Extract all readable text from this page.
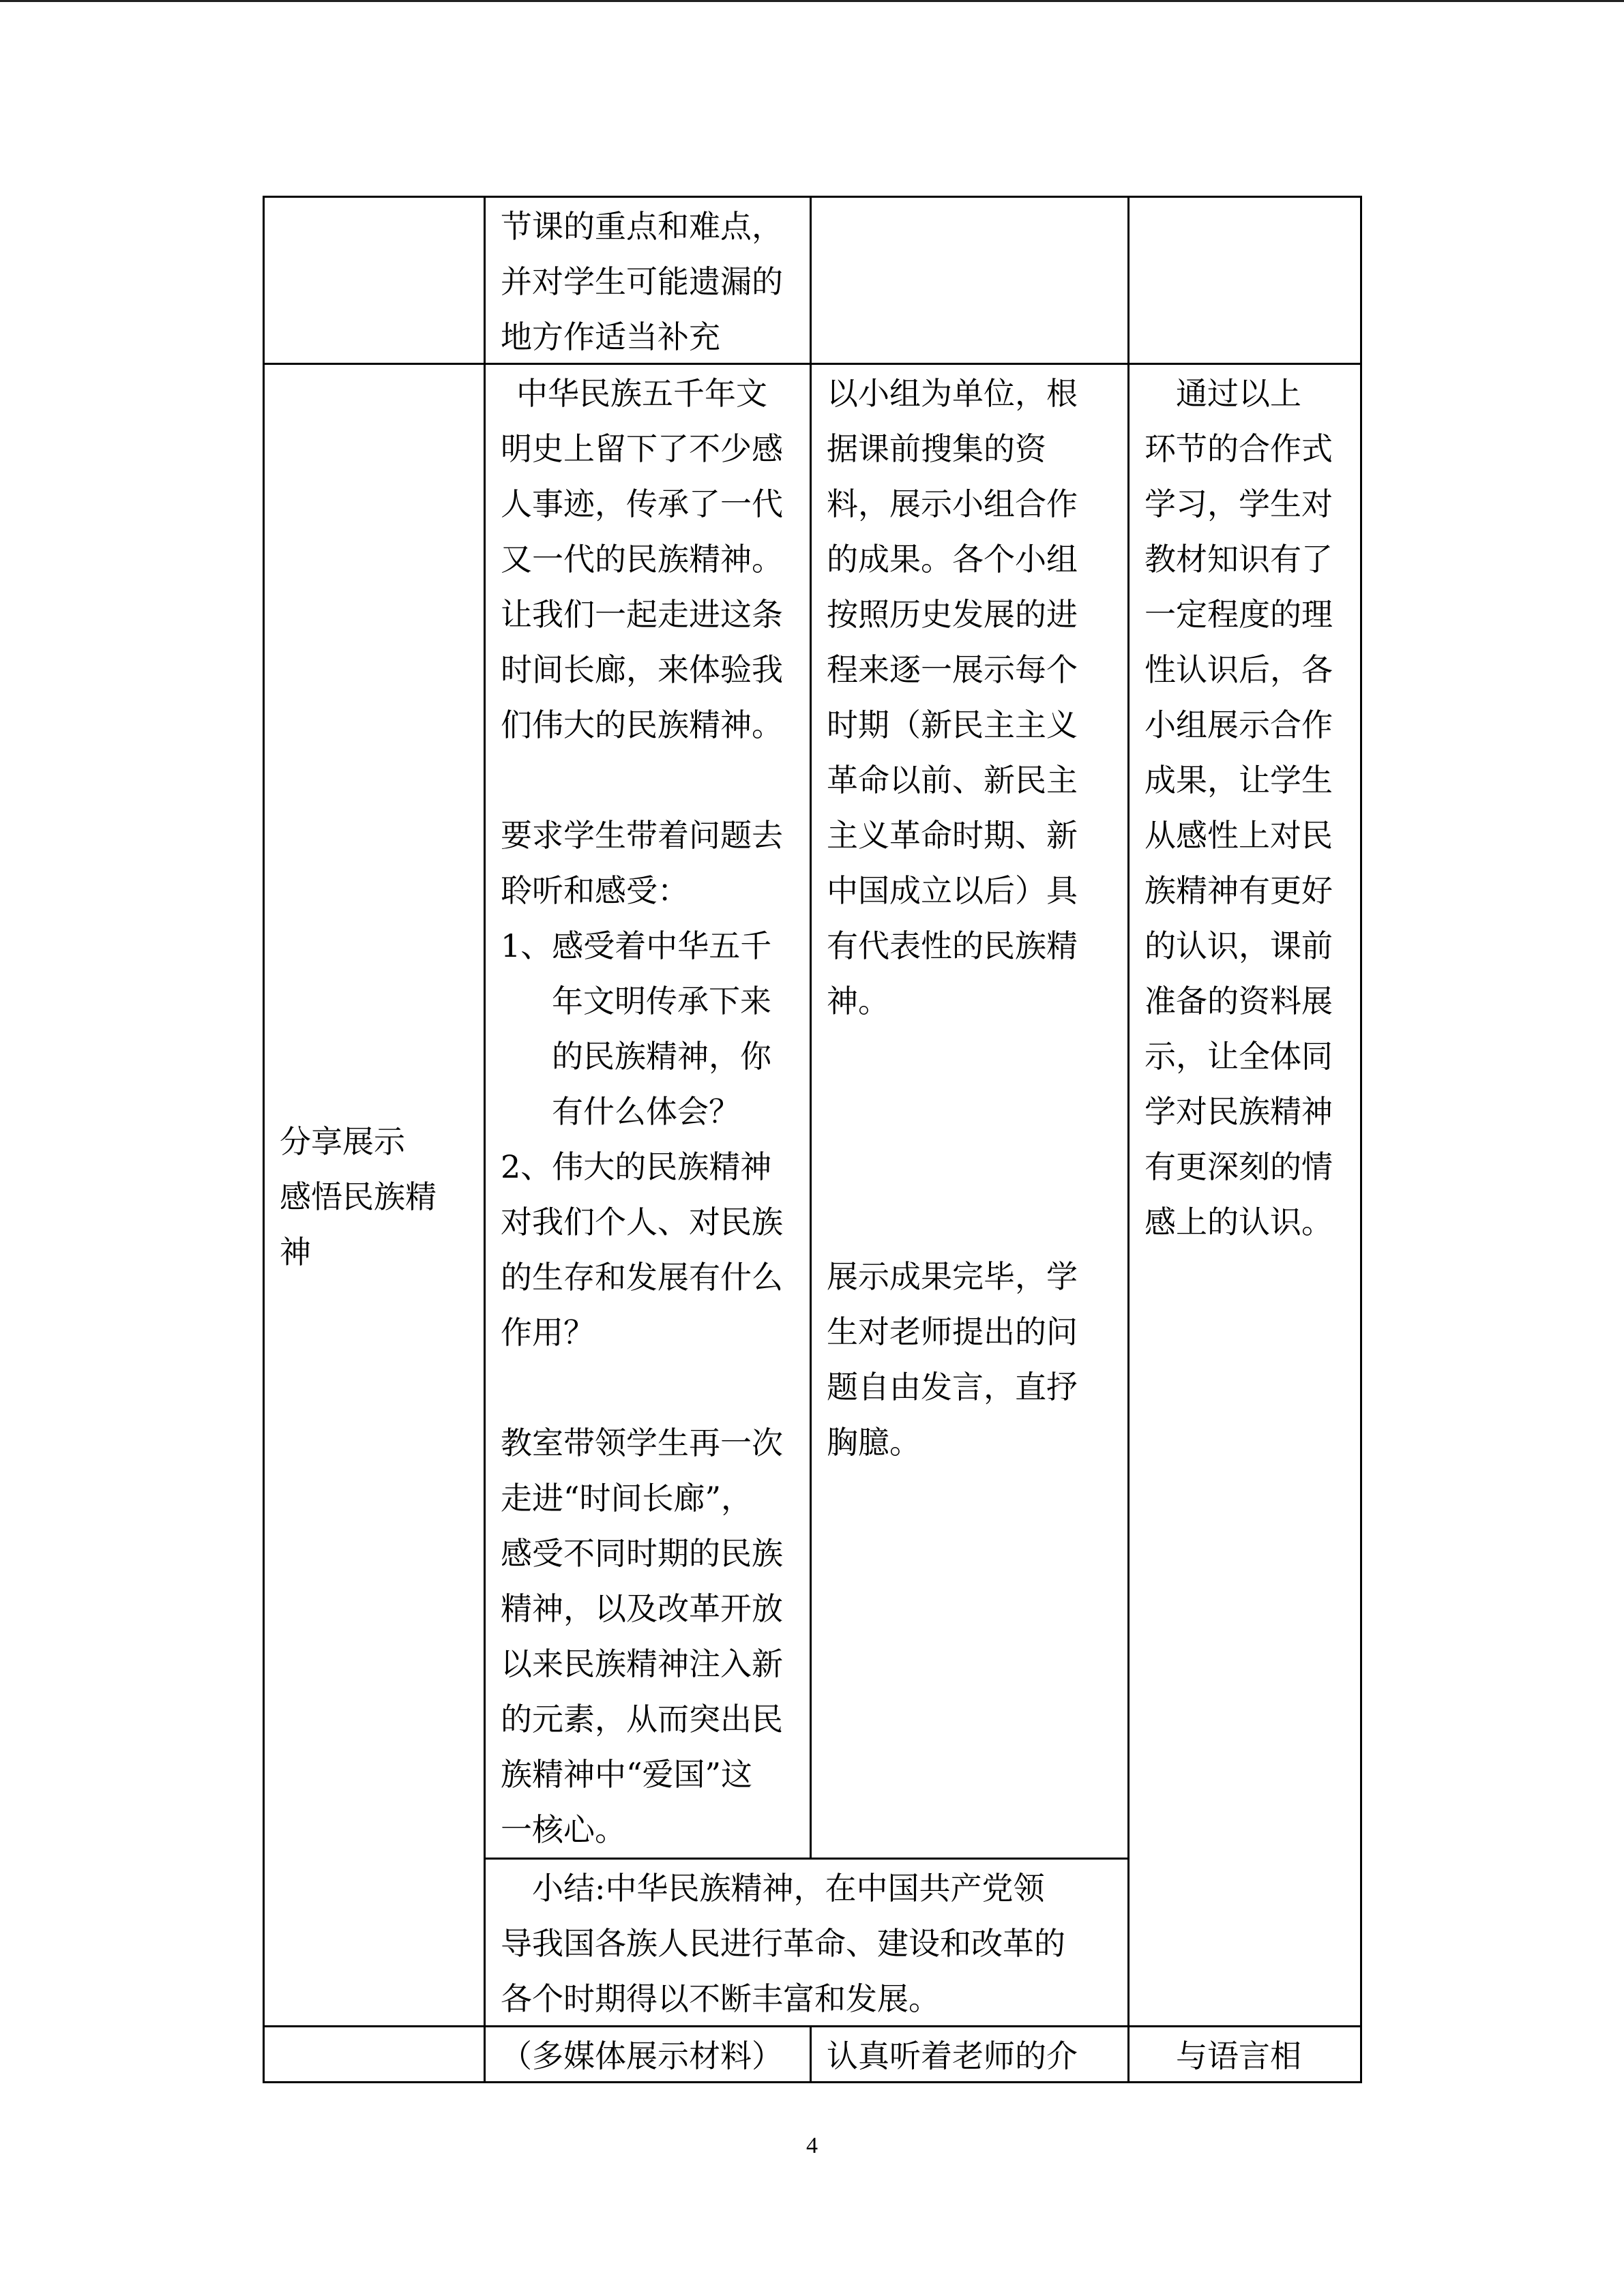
节课的重点和难点，

并对学生可能遗漏的

地方作适当补充

分享展示

感悟民族精

神

中华民族五千年文

明史上留下了不少感

人事迹，传承了一代

又一代的民族精神。

让我们一起走进这条

时间长廊，来体验我

们伟大的民族精神。

要求学生带着问题去

聆听和感受：

1、感受着中华五千

年文明传承下来

的民族精神，你

有什么体会？

2、伟大的民族精神

对我们个人、对民族

的生存和发展有什么

作用？

教室带领学生再一次

走进“时间长廊”，

感受不同时期的民族

精神，以及改革开放

以来民族精神注入新

的元素，从而突出民

族精神中“爱国”这

一核心。

以小组为单位，根

据课前搜集的资

料，展示小组合作

的成果。各个小组

按照历史发展的进

程来逐一展示每个

时期（新民主主义

革命以前、新民主

主义革命时期、新

中国成立以后）具

有代表性的民族精

神。

展示成果完毕，学

生对老师提出的问

题自由发言，直抒

胸臆。

　通过以上

环节的合作式

学习，学生对

教材知识有了

一定程度的理

性认识后，各

小组展示合作

成果，让学生

从感性上对民

族精神有更好

的认识，课前

准备的资料展

示，让全体同

学对民族精神

有更深刻的情

感上的认识。

　小结:中华民族精神，在中国共产党领

导我国各族人民进行革命、建设和改革的

各个时期得以不断丰富和发展。

（多媒体展示材料） 认真听着老师的介 　与语言相

4
